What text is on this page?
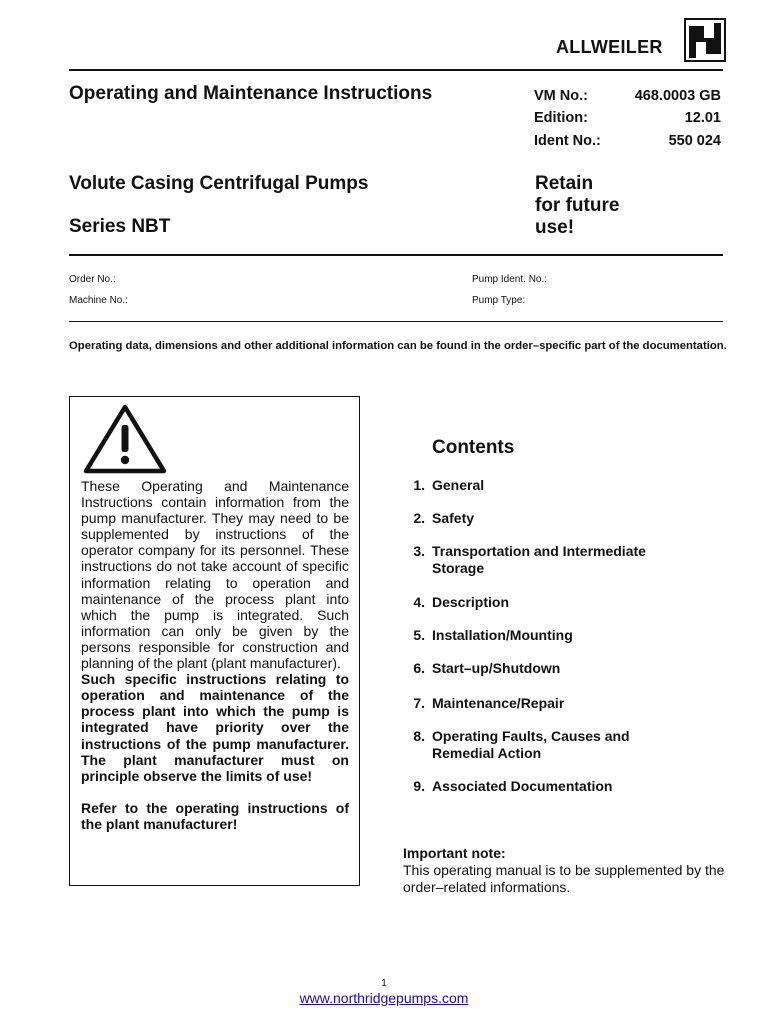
ALLWEILER
Operating and Maintenance Instructions	VM No.:	468.0003 GB
Edition:	12.01
Ident No.:	550 024
Volute Casing Centrifugal Pumps
Series NBT
Retain
for future
use!
Order No.:
Machine No.:
Pump Ident. No.:
Pump Type:
Operating data, dimensions and other additional information can be found in the order–specific part of the documentation.

These Operating and Maintenance Instructions contain information from the pump manufacturer. They may need to be supplemented by instructions of the operator company for its personnel. These instructions do not take account of specific information relating to operation and maintenance of the process plant into which the pump is integrated. Such information can only be given by the persons responsible for construction and planning of the plant (plant manufacturer).

Such specific instructions relating to operation and maintenance of the process plant into which the pump is integrated have priority over the instructions of the pump manufacturer. The plant manufacturer must on principle observe the limits of use!

Refer to the operating instructions of the plant manufacturer!

Contents
1. General
2. Safety
3. Transportation and Intermediate Storage
4. Description
5. Installation/Mounting
6. Start–up/Shutdown
7. Maintenance/Repair
8. Operating Faults, Causes and Remedial Action
9. Associated Documentation
Important note:
This operating manual is to be supplemented by the order–related informations.
1
www.northridgepumps.com
